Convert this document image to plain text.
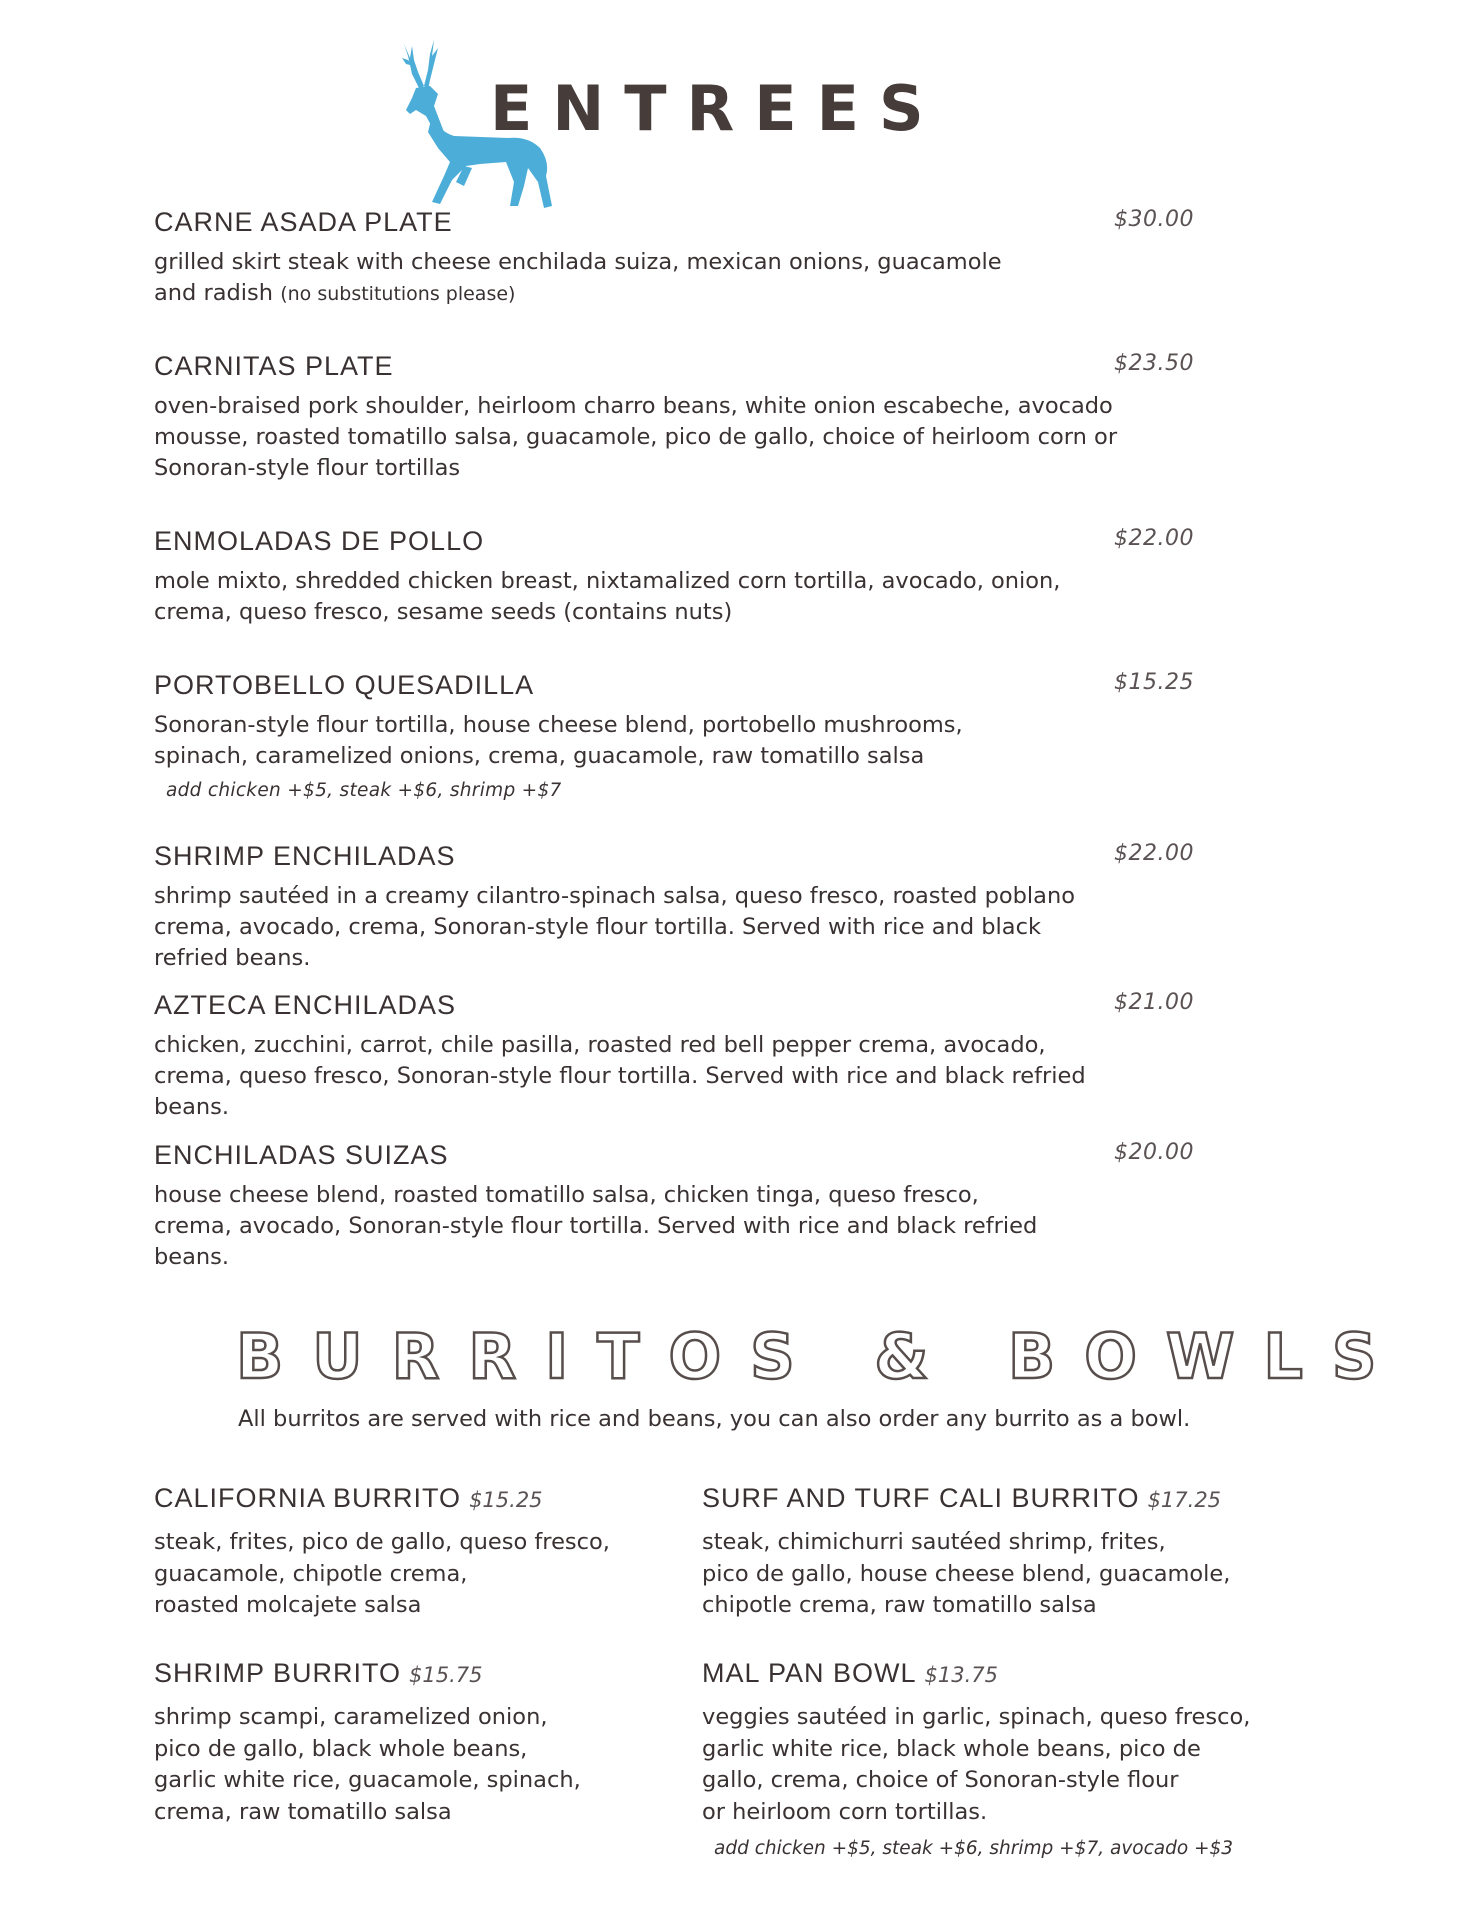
ENTREES
CARNE ASADA PLATE	$30.00
grilled skirt steak with cheese enchilada suiza, mexican onions, guacamole
and radish (no substitutions please)
CARNITAS PLATE	$23.50
oven-braised pork shoulder, heirloom charro beans, white onion escabeche, avocado mousse, roasted tomatillo salsa, guacamole, pico de gallo, choice of heirloom corn or Sonoran-style flour tortillas
ENMOLADAS DE POLLO	$22.00
mole mixto, shredded chicken breast, nixtamalized corn tortilla, avocado, onion, crema, queso fresco, sesame seeds (contains nuts)
PORTOBELLO QUESADILLA	$15.25
Sonoran-style flour tortilla, house cheese blend, portobello mushrooms, spinach, caramelized onions, crema, guacamole, raw tomatillo salsa
add chicken +$5, steak +$6, shrimp +$7
SHRIMP ENCHILADAS	$22.00
shrimp sautéed in a creamy cilantro-spinach salsa, queso fresco, roasted poblano crema, avocado, crema, Sonoran-style flour tortilla. Served with rice and black refried beans.
AZTECA ENCHILADAS	$21.00
chicken, zucchini, carrot, chile pasilla, roasted red bell pepper crema, avocado, crema, queso fresco, Sonoran-style flour tortilla. Served with rice and black refried beans.
ENCHILADAS SUIZAS	$20.00
house cheese blend, roasted tomatillo salsa, chicken tinga, queso fresco, crema, avocado, Sonoran-style flour tortilla. Served with rice and black refried beans.
BURRITOS & BOWLS
All burritos are served with rice and beans, you can also order any burrito as a bowl.
CALIFORNIA BURRITO $15.25
steak, frites, pico de gallo, queso fresco,
guacamole, chipotle crema,
roasted molcajete salsa
SURF AND TURF CALI BURRITO $17.25
steak, chimichurri sautéed shrimp, frites,
pico de gallo, house cheese blend, guacamole,
chipotle crema, raw tomatillo salsa
SHRIMP BURRITO $15.75
shrimp scampi, caramelized onion,
pico de gallo, black whole beans,
garlic white rice, guacamole, spinach,
crema, raw tomatillo salsa
MAL PAN BOWL $13.75
veggies sautéed in garlic, spinach, queso fresco,
garlic white rice, black whole beans, pico de
gallo, crema, choice of Sonoran-style flour
or heirloom corn tortillas.
add chicken +$5, steak +$6, shrimp +$7, avocado +$3
